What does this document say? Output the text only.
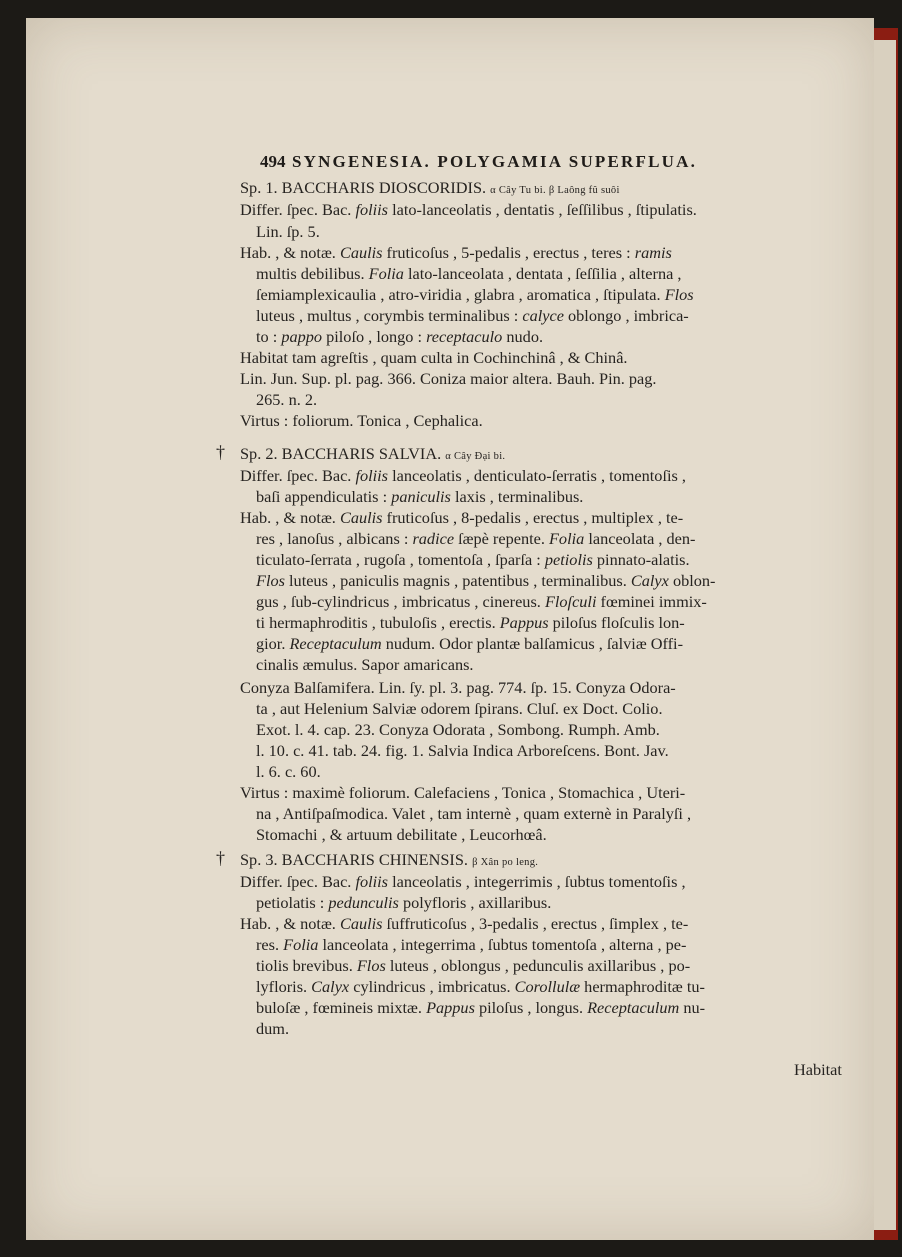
494 SYNGENESIA. POLYGAMIA SUPERFLUA.
Sp. 1. BACCHARIS DIOSCORIDIS. α Cây Tu bi. β Laông fû suôi
Differ. ſpec. Bac. foliis lato-lanceolatis , dentatis , ſeſſilibus , ſtipulatis.
Lin. ſp. 5.
Hab. , & notæ. Caulis fruticoſus , 5-pedalis , erectus , teres : ramis
multis debilibus. Folia lato-lanceolata , dentata , ſeſſilia , alterna ,
ſemiamplexicaulia , atro-viridia , glabra , aromatica , ſtipulata. Flos
luteus , multus , corymbis terminalibus : calyce oblongo , imbrica-
to : pappo piloſo , longo : receptaculo nudo.
Habitat tam agreſtis , quam culta in Cochinchinâ , & Chinâ.
Lin. Jun. Sup. pl. pag. 366. Coniza maior altera. Bauh. Pin. pag.
265. n. 2.
Virtus : foliorum. Tonica , Cephalica.
† Sp. 2. BACCHARIS SALVIA. α Cây Ðại bi.
Differ. ſpec. Bac. foliis lanceolatis , denticulato-ſerratis , tomentoſis ,
baſi appendiculatis : paniculis laxis , terminalibus.
Hab. , & notæ. Caulis fruticoſus , 8-pedalis , erectus , multiplex , te-
res , lanoſus , albicans : radice ſæpè repente. Folia lanceolata , den-
ticulato-ſerrata , rugoſa , tomentoſa , ſparſa : petiolis pinnato-alatis.
Flos luteus , paniculis magnis , patentibus , terminalibus. Calyx oblon-
gus , ſub-cylindricus , imbricatus , cinereus. Floſculi fœminei immix-
ti hermaphroditis , tubuloſis , erectis. Pappus piloſus floſculis lon-
gior. Receptaculum nudum. Odor plantæ balſamicus , ſalviæ Offi-
cinalis æmulus. Sapor amaricans.
Conyza Balſamifera. Lin. ſy. pl. 3. pag. 774. ſp. 15. Conyza Odora-
ta , aut Helenium Salviæ odorem ſpirans. Cluſ. ex Doct. Colio.
Exot. l. 4. cap. 23. Conyza Odorata , Sombong. Rumph. Amb.
l. 10. c. 41. tab. 24. fig. 1. Salvia Indica Arboreſcens. Bont. Jav.
l. 6. c. 60.
Virtus : maximè foliorum. Calefaciens , Tonica , Stomachica , Uteri-
na , Antiſpaſmodica. Valet , tam internè , quam externè in Paralyſi ,
Stomachi , & artuum debilitate , Leucorhœâ.
† Sp. 3. BACCHARIS CHINENSIS. β Xân po leng.
Differ. ſpec. Bac. foliis lanceolatis , integerrimis , ſubtus tomentoſis ,
petiolatis : pedunculis polyfloris , axillaribus.
Hab. , & notæ. Caulis ſuffruticoſus , 3-pedalis , erectus , ſimplex , te-
res. Folia lanceolata , integerrima , ſubtus tomentoſa , alterna , pe-
tiolis brevibus. Flos luteus , oblongus , pedunculis axillaribus , po-
lyfloris. Calyx cylindricus , imbricatus. Corollulæ hermaphroditæ tu-
buloſæ , fœmineis mixtæ. Pappus piloſus , longus. Receptaculum nu-
dum.
Habitat
